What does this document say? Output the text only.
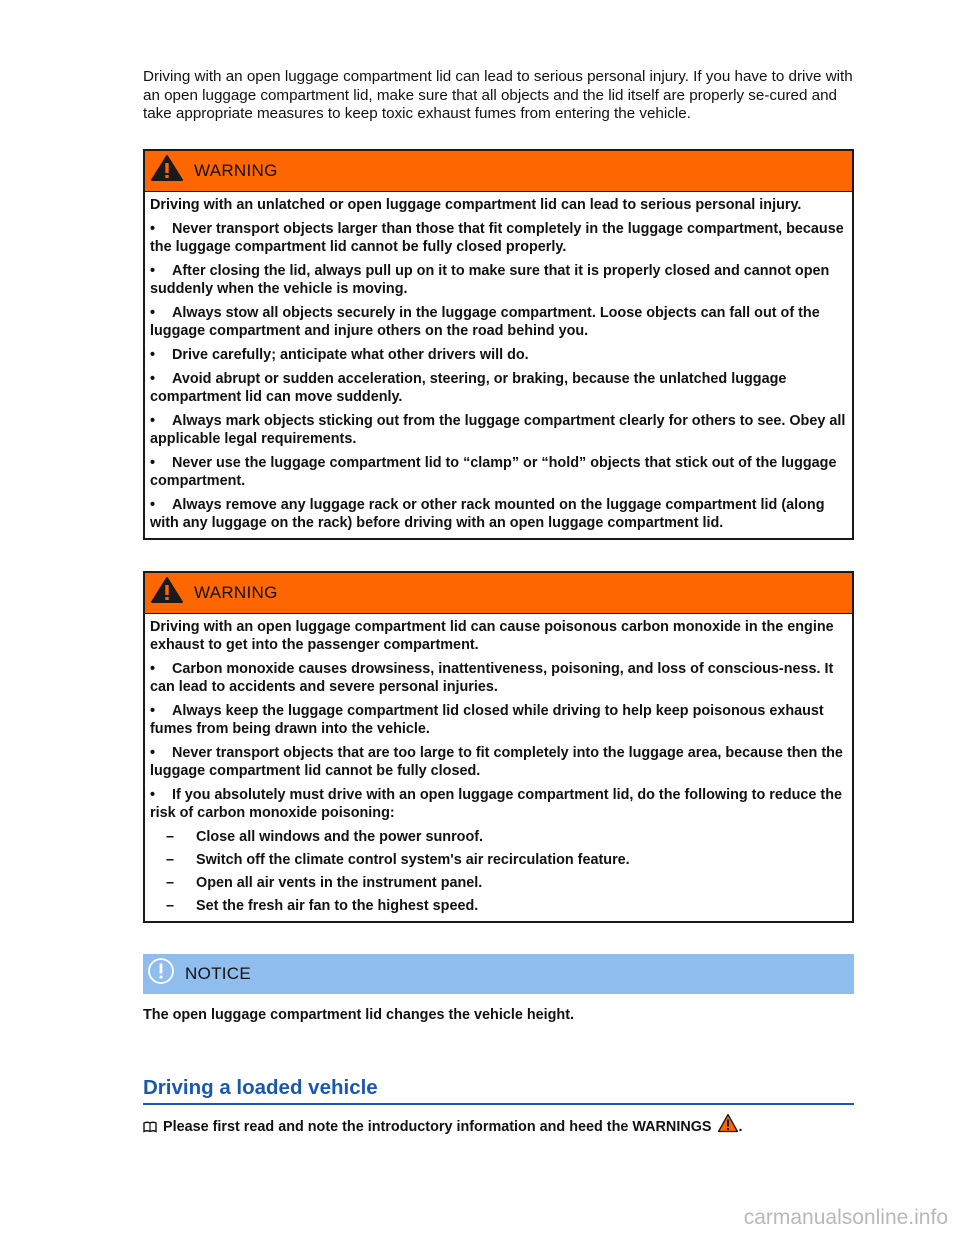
Driving with an open luggage compartment lid can lead to serious personal injury. If you have to drive with an open luggage compartment lid, make sure that all objects and the lid itself are properly se-cured and take appropriate measures to keep toxic exhaust fumes from entering the vehicle.

WARNING

Driving with an unlatched or open luggage compartment lid can lead to serious personal injury.

• Never transport objects larger than those that fit completely in the luggage compartment, because the luggage compartment lid cannot be fully closed properly.
• After closing the lid, always pull up on it to make sure that it is properly closed and cannot open suddenly when the vehicle is moving.
• Always stow all objects securely in the luggage compartment. Loose objects can fall out of the luggage compartment and injure others on the road behind you.
• Drive carefully; anticipate what other drivers will do.
• Avoid abrupt or sudden acceleration, steering, or braking, because the unlatched luggage compartment lid can move suddenly.
• Always mark objects sticking out from the luggage compartment clearly for others to see. Obey all applicable legal requirements.
• Never use the luggage compartment lid to “clamp” or “hold” objects that stick out of the luggage compartment.
• Always remove any luggage rack or other rack mounted on the luggage compartment lid (along with any luggage on the rack) before driving with an open luggage compartment lid.
WARNING

Driving with an open luggage compartment lid can cause poisonous carbon monoxide in the engine exhaust to get into the passenger compartment.

• Carbon monoxide causes drowsiness, inattentiveness, poisoning, and loss of conscious-ness. It can lead to accidents and severe personal injuries.
• Always keep the luggage compartment lid closed while driving to help keep poisonous exhaust fumes from being drawn into the vehicle.
• Never transport objects that are too large to fit completely into the luggage area, because then the luggage compartment lid cannot be fully closed.
• If you absolutely must drive with an open luggage compartment lid, do the following to reduce the risk of carbon monoxide poisoning:
– Close all windows and the power sunroof.
– Switch off the climate control system's air recirculation feature.
– Open all air vents in the instrument panel.
– Set the fresh air fan to the highest speed.
NOTICE
The open luggage compartment lid changes the vehicle height.
Driving a loaded vehicle
Please first read and note the introductory information and heed the WARNINGS .
carmanualsonline.info
